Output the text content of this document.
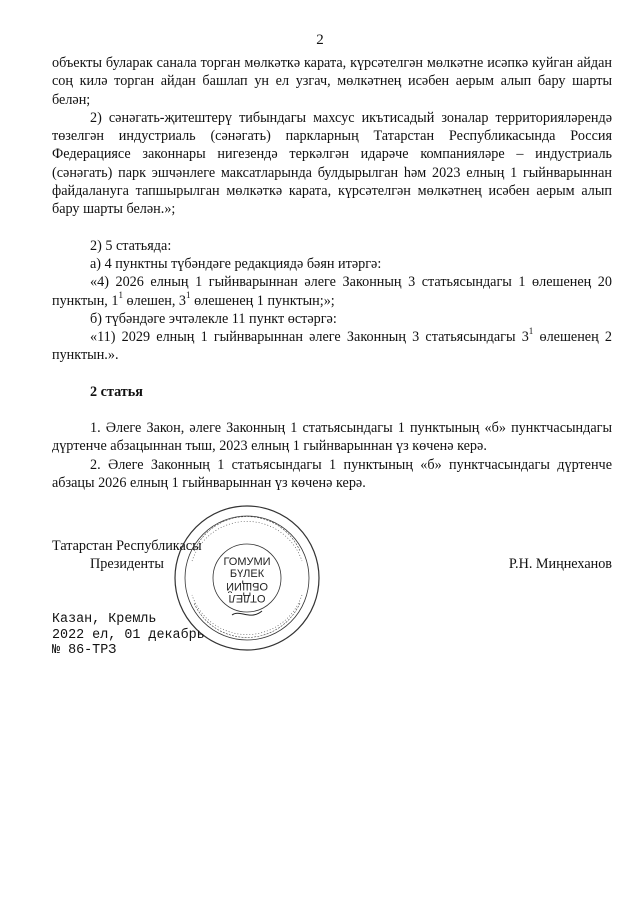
2

объекты буларак санала торган мөлкәткә карата, күрсәтелгән мөлкәтне исәпкә куйган айдан соң килә торган айдан башлап ун ел узгач, мөлкәтнең исәбен аерым алып бару шарты белән;

2) сәнәгать-җитештерү тибындагы махсус икътисадый зоналар территорияләрендә төзелгән индустриаль (сәнәгать) паркларның Татарстан Республикасында Россия Федерациясе законнары нигезендә теркәлгән идарәче компанияләре – индустриаль (сәнәгать) парк эшчәнлеге максатларында булдырылган һәм 2023 елның 1 гыйнварыннан файдалануга тапшырылган мөлкәткә карата, күрсәтелгән мөлкәтнең исәбен аерым алып бару шарты белән.»;

2) 5 статьяда:

а) 4 пунктны түбәндәге редакциядә бәян итәргә:

«4) 2026 елның 1 гыйнварыннан әлеге Законның 3 статьясындагы 1 өлешенең 20 пунктын, $1^1$ өлешен, $3^1$ өлешенең 1 пунктын;»;

б) түбәндәге эчтәлекле 11 пункт өстәргә:

«11) 2029 елның 1 гыйнварыннан әлеге Законның 3 статьясындагы $3^1$ өлешенең 2 пунктын.».

2 статья

1. Әлеге Закон, әлеге Законның 1 статьясындагы 1 пунктының «б» пунктчасындагы дүртенче абзацыннан тыш, 2023 елның 1 гыйнварыннан үз көченә керә.

2. Әлеге Законның 1 статьясындагы 1 пунктының «б» пунктчасындагы дүртенче абзацы 2026 елның 1 гыйнварыннан үз көченә керә.

Татарстан Республикасы
Президенты	Р.Н. Миңнеханов
ГОМУМИ
БҮЛЕК
ОБЩИЙ
ОТДЕЛ
Казан, Кремль
2022 ел, 01 декабрь
№ 86-ТРЗ
